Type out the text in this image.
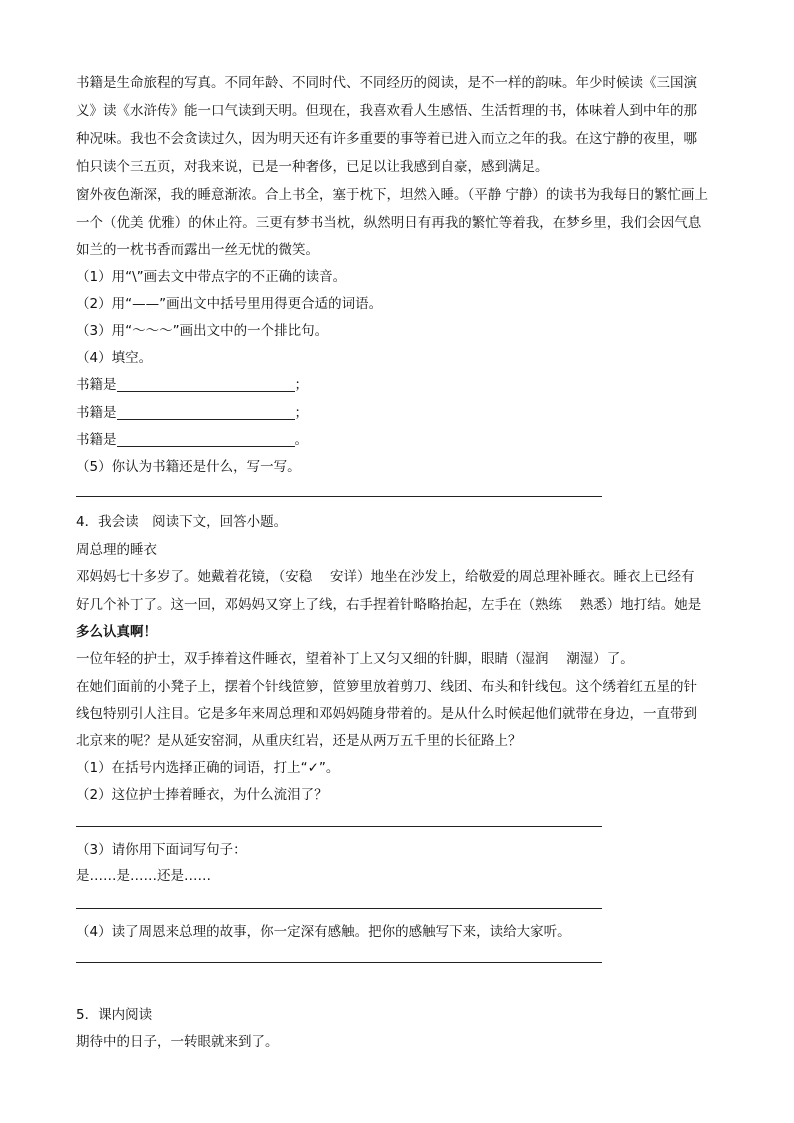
书籍是生命旅程的写真。不同年龄、不同时代、不同经历的阅读，是不一样的韵味。年少时候读《三国演
义》读《水浒传》能一口气读到天明。但现在，我喜欢看人生感悟、生活哲理的书，体味着人到中年的那
种况味。我也不会贪读过久，因为明天还有许多重要的事等着已进入而立之年的我。在这宁静的夜里，哪
怕只读个三五页，对我来说，已是一种奢侈，已足以让我感到自豪，感到满足。
窗外夜色渐深，我的睡意渐浓。合上书全，塞于枕下，坦然入睡。（平静 宁静）的读书为我每日的繁忙画上
一个（优美 优雅）的休止符。三更有梦书当枕，纵然明日有再我的繁忙等着我，在梦乡里，我们会因气息
如兰的一枕书香而露出一丝无忧的微笑。
（1）用“\”画去文中带点字的不正确的读音。
（2）用“——”画出文中括号里用得更合适的词语。
（3）用“～～～”画出文中的一个排比句。
（4）填空。
书籍是	；
书籍是	；
书籍是	。
（5）你认为书籍还是什么，写一写。
4．我会读　阅读下文，回答小题。
周总理的睡衣
邓妈妈七十多岁了。她戴着花镜，（安稳　 安详）地坐在沙发上，给敬爱的周总理补睡衣。睡衣上已经有
好几个补丁了。这一回，邓妈妈又穿上了线，右手捏着针略略抬起，左手在（熟练　 熟悉）地打结。她是
多么认真啊！
一位年轻的护士，双手捧着这件睡衣，望着补丁上又匀又细的针脚，眼睛（湿润　 潮湿）了。
在她们面前的小凳子上，摆着个针线笸箩，笸箩里放着剪刀、线团、布头和针线包。这个绣着红五星的针
线包特别引人注目。它是多年来周总理和邓妈妈随身带着的。是从什么时候起他们就带在身边，一直带到
北京来的呢？是从延安窑洞，从重庆红岩，还是从两万五千里的长征路上？
（1）在括号内选择正确的词语，打上“✓”。
（2）这位护士捧着睡衣，为什么流泪了？
（3）请你用下面词写句子：
是……是……还是……
（4）读了周恩来总理的故事，你一定深有感触。把你的感触写下来，读给大家听。
5．课内阅读
期待中的日子，一转眼就来到了。
